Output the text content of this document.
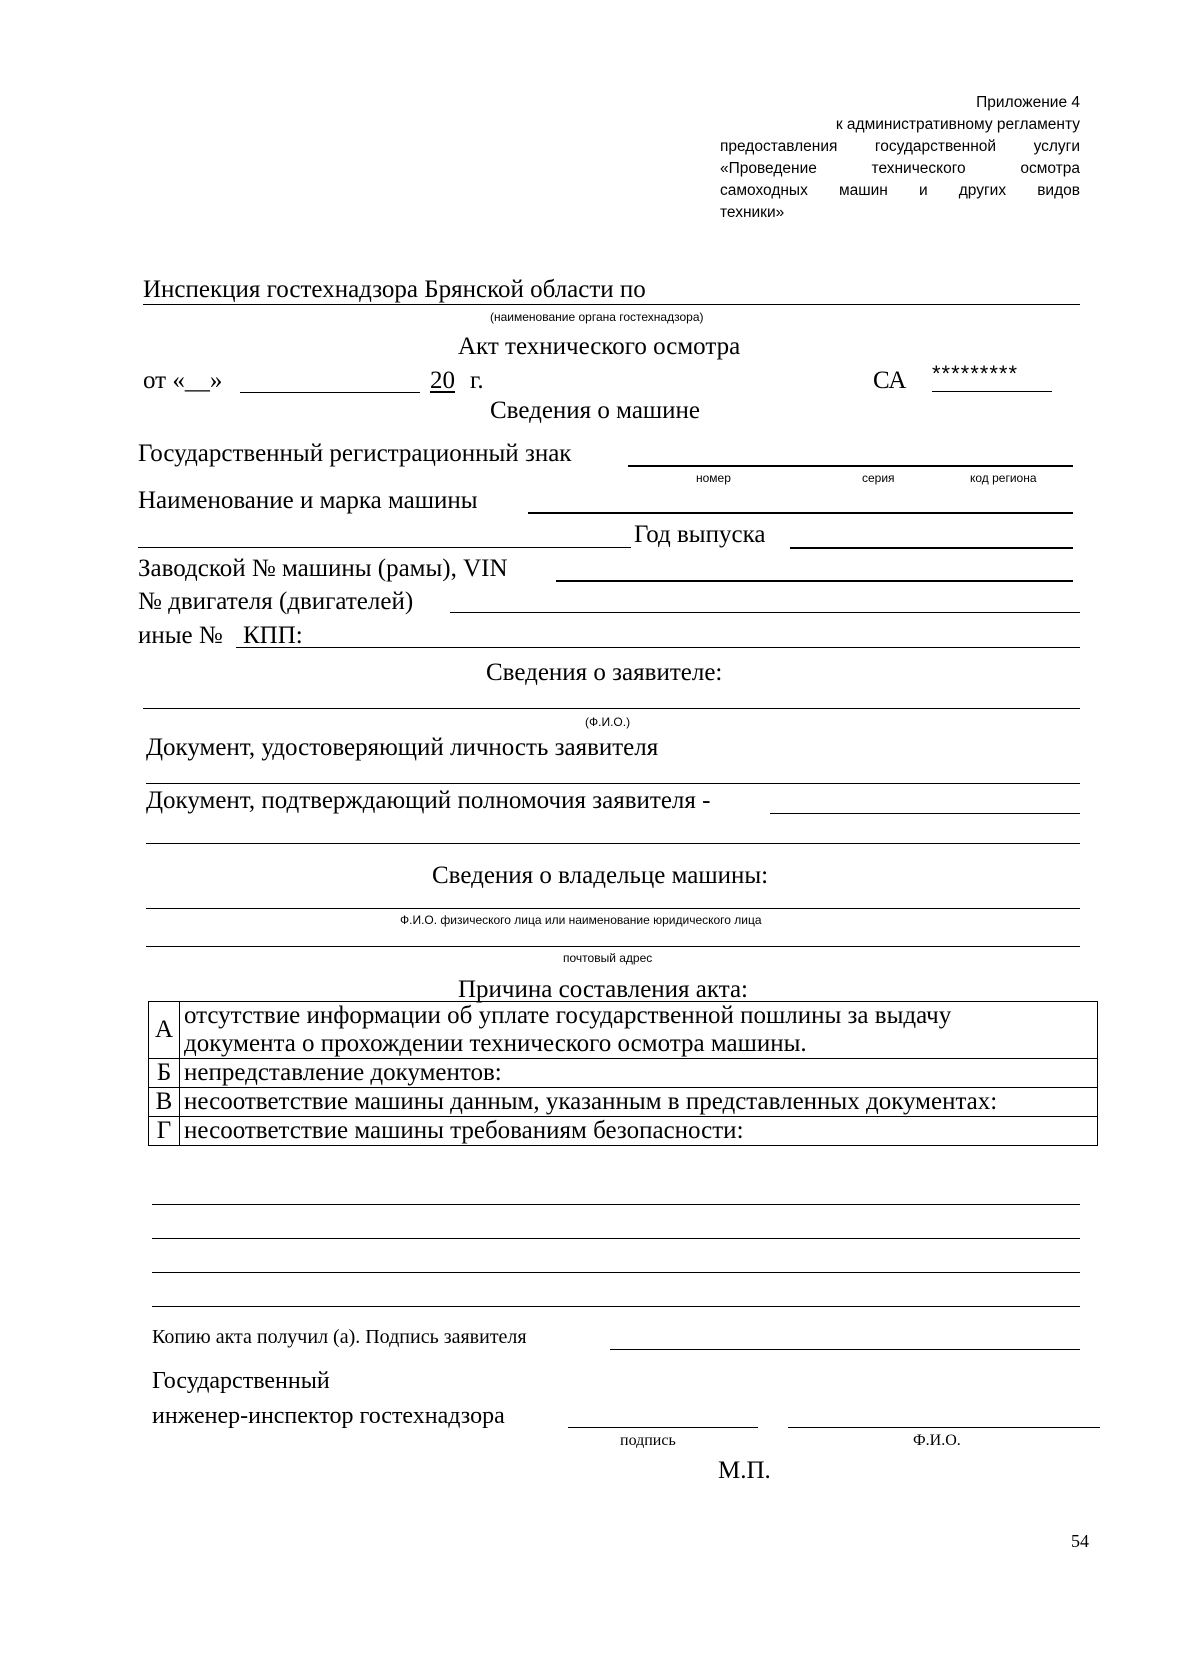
Приложение 4
к административному регламенту
предоставления государственной услуги
«Проведение	технического	осмотра
самоходных машин и других видов
техники»
Инспекция гостехнадзора Брянской области по
(наименование органа гостехнадзора)
Акт технического осмотра
от «__»	20 г.	СА *********
Сведения о машине
Государственный регистрационный знак
номер	серия	код региона
Наименование и марка машины
Год выпуска
Заводской № машины (рамы), VIN
№ двигателя (двигателей)
иные № КПП:
Сведения о заявителе:
(Ф.И.О.)
Документ, удостоверяющий личность заявителя
Документ, подтверждающий полномочия заявителя -
Сведения о владельце машины:
Ф.И.О. физического лица или наименование юридического лица
почтовый адрес
Причина составления акта:
А	отсутствие информации об уплате государственной пошлины за выдачу документа о прохождении технического осмотра машины.
Б	непредставление документов:
В	несоответствие машины данным, указанным в представленных документах:
Г	несоответствие машины требованиям безопасности:
Копию акта получил (а). Подпись заявителя
Государственный
инженер-инспектор гостехнадзора
подпись	Ф.И.О.
М.П.
54
